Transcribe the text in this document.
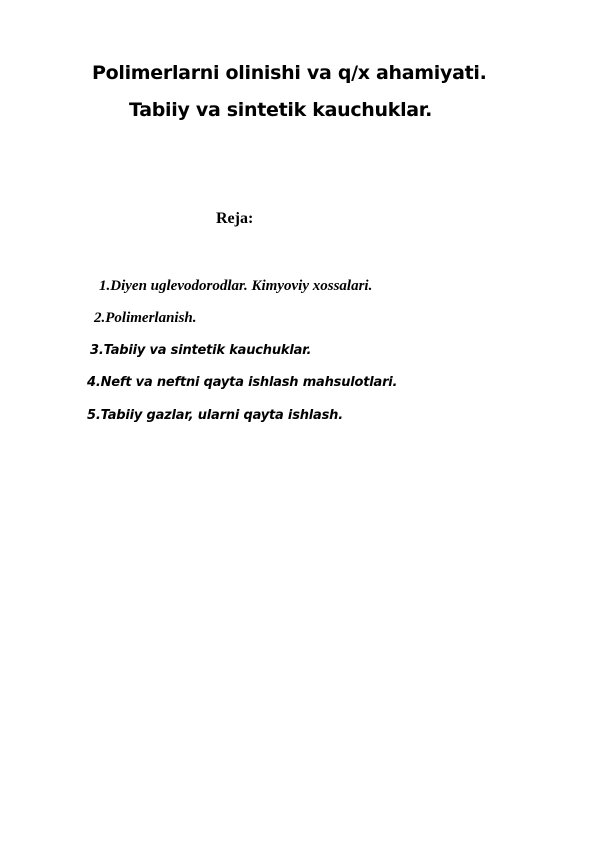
Polimerlarni olinishi va q/x ahamiyati.
Tabiiy va sintetik kauchuklar.
Reja:
1.Diyen uglevodorodlar. Kimyoviy xossalari.
2.Polimerlanish.
3.Tabiiy va sintetik kauchuklar.
4.Neft va neftni qayta ishlash mahsulotlari.
5.Tabiiy gazlar, ularni qayta ishlash.
